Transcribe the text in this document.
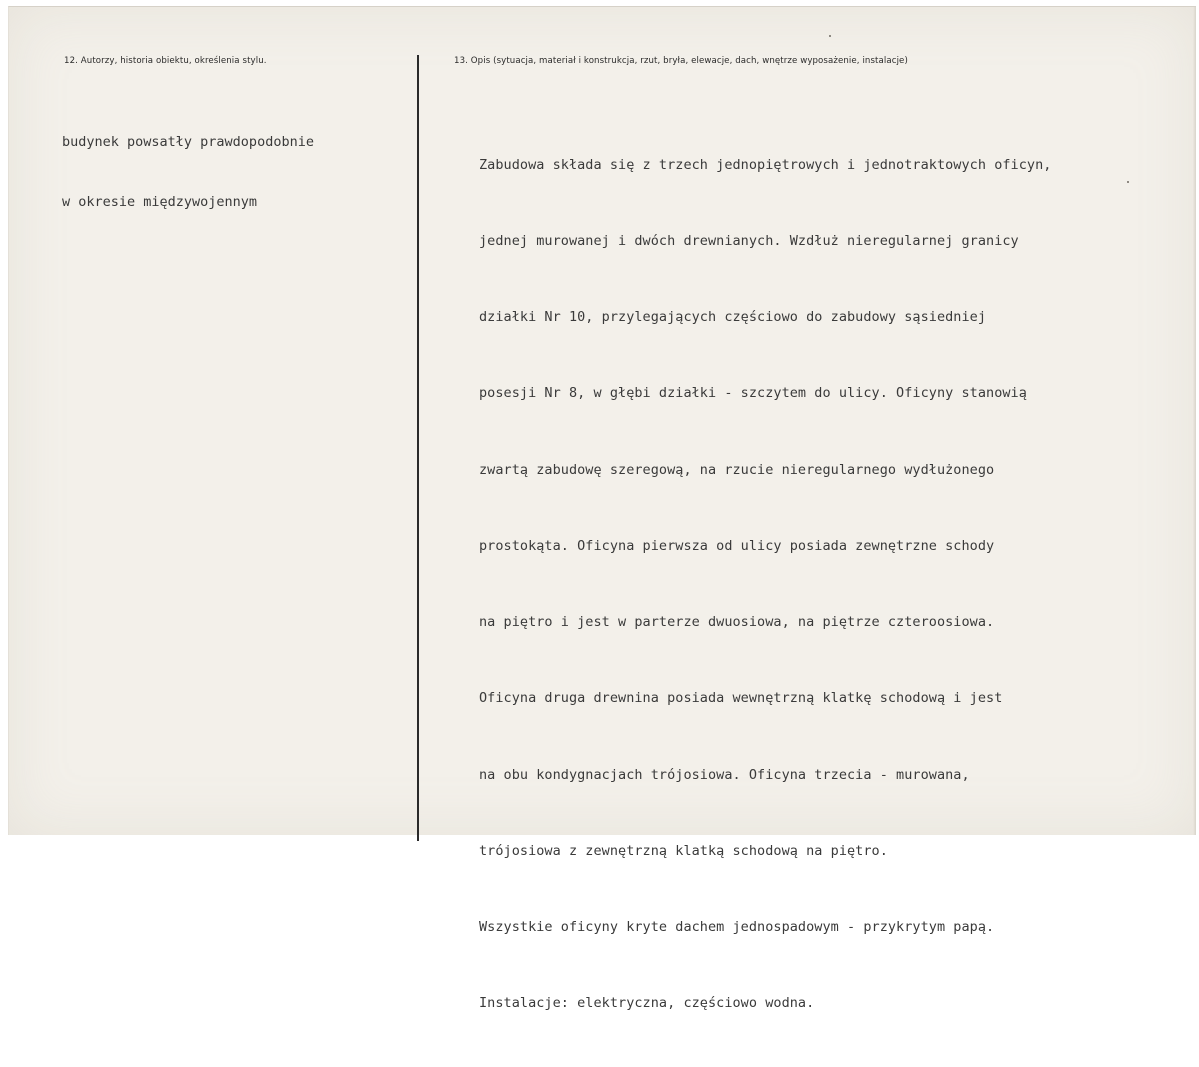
12. Autorzy, historia obiektu, określenia stylu.	13. Opis (sytuacja, materiał i konstrukcja, rzut, bryła, elewacje, dach, wnętrze wyposażenie, instalacje)

budynek powsatły prawdopodobnie

w okresie międzywojennym

Zabudowa składa się z trzech jednopiętrowych i jednotraktowych oficyn,

jednej murowanej i dwóch drewnianych. Wzdłuż nieregularnej granicy

działki Nr 10, przylegających częściowo do zabudowy sąsiedniej

posesji Nr 8, w głębi działki - szczytem do ulicy. Oficyny stanowią

zwartą zabudowę szeregową, na rzucie nieregularnego wydłużonego

prostokąta. Oficyna pierwsza od ulicy posiada zewnętrzne schody

na piętro i jest w parterze dwuosiowa, na piętrze czteroosiowa.

Oficyna druga drewnina posiada wewnętrzną klatkę schodową i jest

na obu kondygnacjach trójosiowa. Oficyna trzecia - murowana,

trójosiowa z zewnętrzną klatką schodową na piętro.

Wszystkie oficyny kryte dachem jednospadowym - przykrytym papą.

Instalacje: elektryczna, częściowo wodna.
